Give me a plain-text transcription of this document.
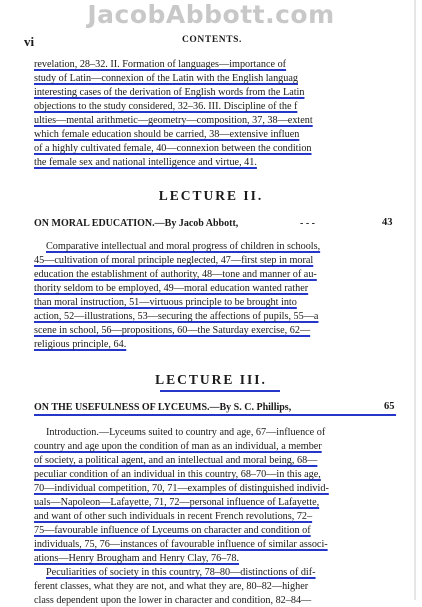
JacobAbbott.com
vi	CONTENTS.
revelation, 28–32. II. Formation of languages—importance of
study of Latin—connexion of the Latin with the English languag
interesting cases of the derivation of English words from the Latin
objections to the study considered, 32–36. III. Discipline of the f
ulties—mental arithmetic—geometry—composition, 37, 38—extent
which female education should be carried, 38—extensive influen
of a highly cultivated female, 40—connexion between the condition
the female sex and national intelligence and virtue, 41.
LECTURE II.
ON MORAL EDUCATION.—By Jacob Abbott,	- - -	43
Comparative intellectual and moral progress of children in schools,
45—cultivation of moral principle neglected, 47—first step in moral
education the establishment of authority, 48—tone and manner of au-
thority seldom to be employed, 49—moral education wanted rather
than moral instruction, 51—virtuous principle to be brought into
action, 52—illustrations, 53—securing the affections of pupils, 55—a
scene in school, 56—propositions, 60—the Saturday exercise, 62—
religious principle, 64.
LECTURE III.
ON THE USEFULNESS OF LYCEUMS.—By S. C. Phillips,	65
Introduction.—Lyceums suited to country and age, 67—influence of
country and age upon the condition of man as an individual, a member
of society, a political agent, and an intellectual and moral being, 68—
peculiar condition of an individual in this country, 68–70—in this age,
70—individual competition, 70, 71—examples of distinguished individ-
uals—Napoleon—Lafayette, 71, 72—personal influence of Lafayette,
and want of other such individuals in recent French revolutions, 72–
75—favourable influence of Lyceums on character and condition of
individuals, 75, 76—instances of favourable influence of similar associ-
ations—Henry Brougham and Henry Clay, 76–78.
Peculiarities of society in this country, 78–80—distinctions of dif-
ferent classes, what they are not, and what they are, 80–82—higher
class dependent upon the lower in character and condition, 82–84—
